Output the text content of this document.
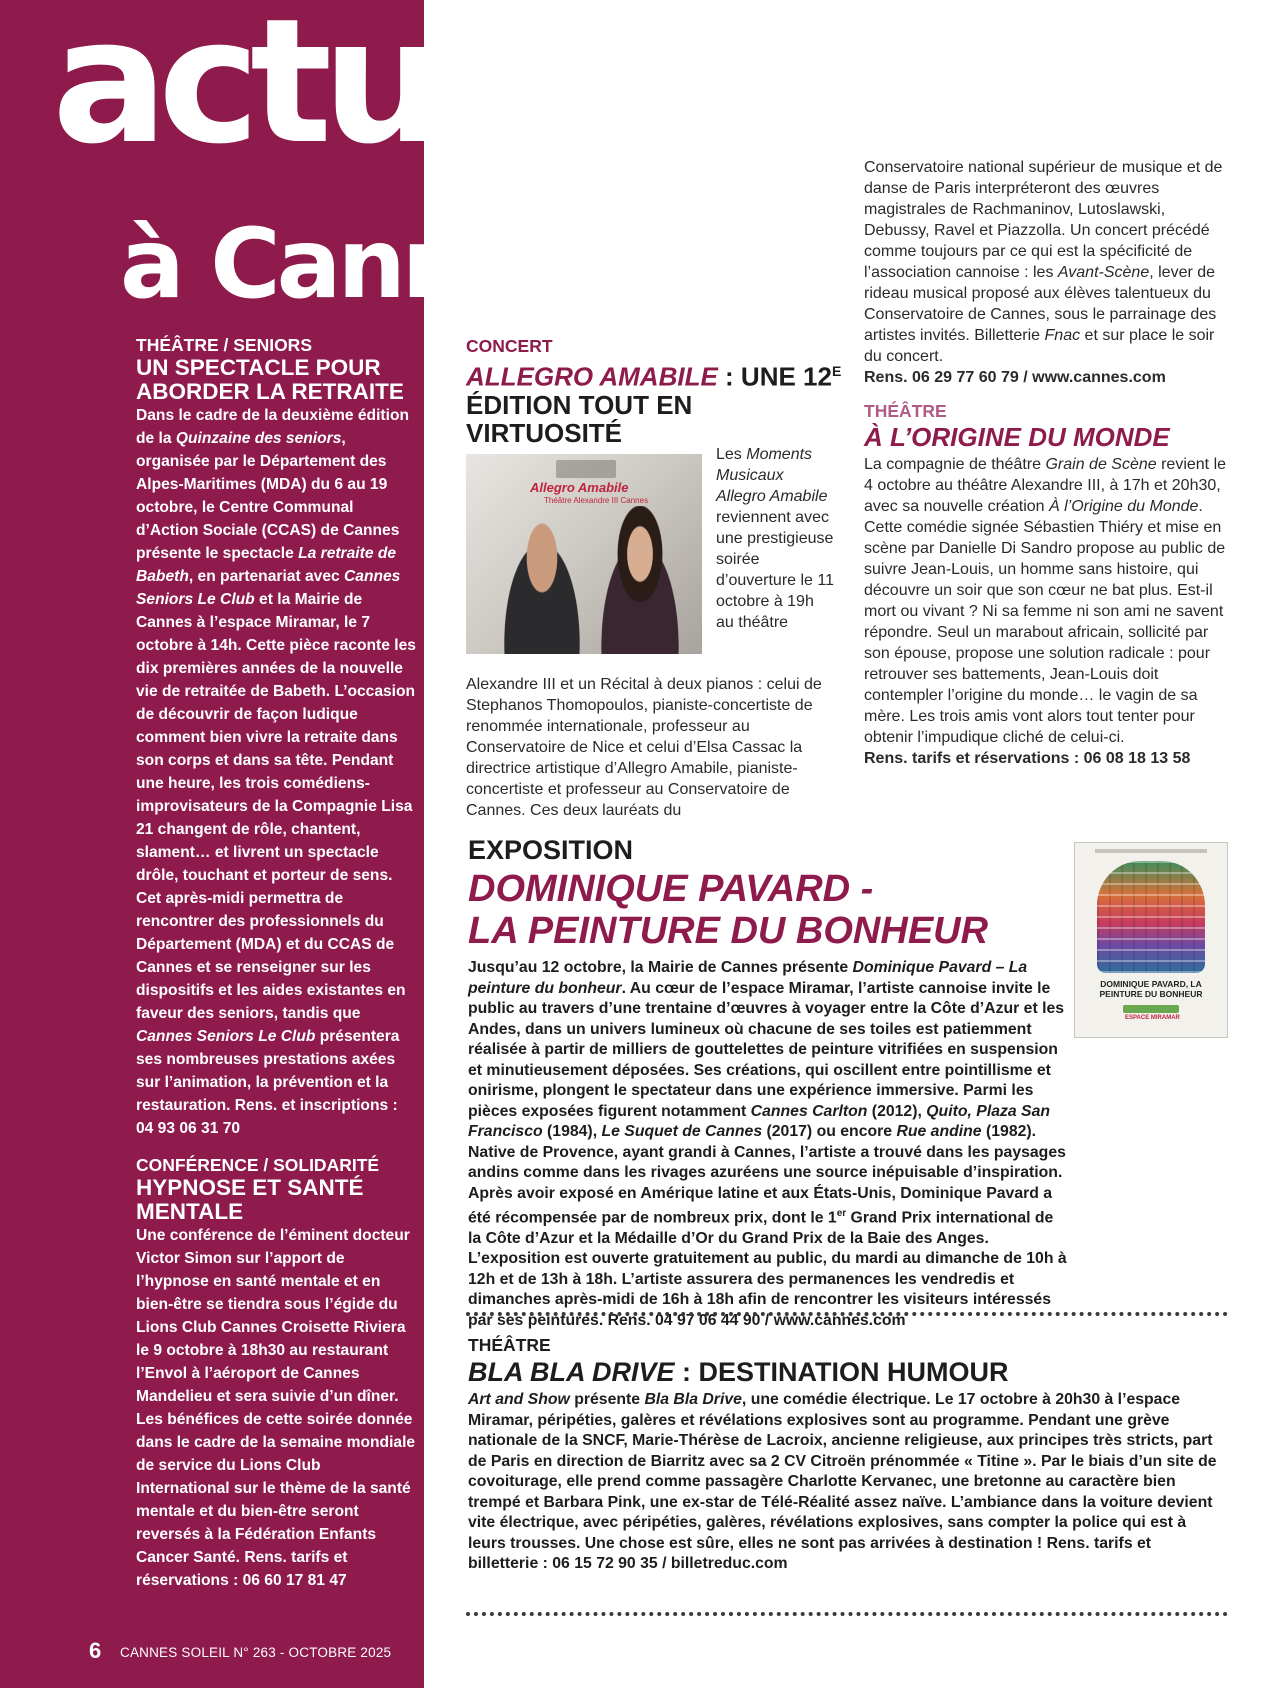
actus
à Cannes

THÉÂTRE / SENIORS

UN SPECTACLE POUR ABORDER LA RETRAITE

Dans le cadre de la deuxième édition de la Quinzaine des seniors, organisée par le Département des Alpes-Maritimes (MDA) du 6 au 19 octobre, le Centre Communal d’Action Sociale (CCAS) de Cannes présente le spectacle La retraite de Babeth, en partenariat avec Cannes Seniors Le Club et la Mairie de Cannes à l’espace Miramar, le 7 octobre à 14h. Cette pièce raconte les dix premières années de la nouvelle vie de retraitée de Babeth. L’occasion de découvrir de façon ludique comment bien vivre la retraite dans son corps et dans sa tête. Pendant une heure, les trois comédiens-improvisateurs de la Compagnie Lisa 21 changent de rôle, chantent, slament… et livrent un spectacle drôle, touchant et porteur de sens. Cet après-midi permettra de rencontrer des professionnels du Département (MDA) et du CCAS de Cannes et se renseigner sur les dispositifs et les aides existantes en faveur des seniors, tandis que Cannes Seniors Le Club présentera ses nombreuses prestations axées sur l’animation, la prévention et la restauration. Rens. et inscriptions : 04 93 06 31 70

CONFÉRENCE / SOLIDARITÉ

HYPNOSE ET SANTÉ MENTALE

Une conférence de l’éminent docteur Victor Simon sur l’apport de l’hypnose en santé mentale et en bien-être se tiendra sous l’égide du Lions Club Cannes Croisette Riviera le 9 octobre à 18h30 au restaurant l’Envol à l’aéroport de Cannes Mandelieu et sera suivie d’un dîner. Les bénéfices de cette soirée donnée dans le cadre de la semaine mondiale de service du Lions Club International sur le thème de la santé mentale et du bien-être seront reversés à la Fédération Enfants Cancer Santé. Rens. tarifs et réservations : 06 60 17 81 47

CONCERT

ALLEGRO AMABILE : UNE $12^E$ ÉDITION TOUT EN VIRTUOSITÉ
Allegro Amabile
Théâtre Alexandre III Cannes

Les Moments Musicaux Allegro Amabile reviennent avec une prestigieuse soirée d’ouverture le 11 octobre à 19h au théâtre

Alexandre III et un Récital à deux pianos : celui de Stephanos Thomopoulos, pianiste-concertiste de renommée internationale, professeur au Conservatoire de Nice et celui d’Elsa Cassac la directrice artistique d’Allegro Amabile, pianiste-concertiste et professeur au Conservatoire de Cannes. Ces deux lauréats du

Conservatoire national supérieur de musique et de danse de Paris interpréteront des œuvres magistrales de Rachmaninov, Lutoslawski, Debussy, Ravel et Piazzolla. Un concert précédé comme toujours par ce qui est la spécificité de l’association cannoise : les Avant-Scène, lever de rideau musical proposé aux élèves talentueux du Conservatoire de Cannes, sous le parrainage des artistes invités. Billetterie Fnac et sur place le soir du concert.
Rens. 06 29 77 60 79 / www.cannes.com

THÉÂTRE

À L’ORIGINE DU MONDE

La compagnie de théâtre Grain de Scène revient le 4 octobre au théâtre Alexandre III, à 17h et 20h30, avec sa nouvelle création À l’Origine du Monde. Cette comédie signée Sébastien Thiéry et mise en scène par Danielle Di Sandro propose au public de suivre Jean-Louis, un homme sans histoire, qui découvre un soir que son cœur ne bat plus. Est-il mort ou vivant ? Ni sa femme ni son ami ne savent répondre. Seul un marabout africain, sollicité par son épouse, propose une solution radicale : pour retrouver ses battements, Jean-Louis doit contempler l’origine du monde… le vagin de sa mère. Les trois amis vont alors tout tenter pour obtenir l’impudique cliché de celui-ci.
Rens. tarifs et réservations : 06 08 18 13 58

EXPOSITION

DOMINIQUE PAVARD -
LA PEINTURE DU BONHEUR
DOMINIQUE PAVARD, LA PEINTURE DU BONHEUR
ESPACE MIRAMAR

Jusqu’au 12 octobre, la Mairie de Cannes présente Dominique Pavard – La peinture du bonheur. Au cœur de l’espace Miramar, l’artiste cannoise invite le public au travers d’une trentaine d’œuvres à voyager entre la Côte d’Azur et les Andes, dans un univers lumineux où chacune de ses toiles est patiemment réalisée à partir de milliers de gouttelettes de peinture vitrifiées en suspension et minutieusement déposées. Ses créations, qui oscillent entre pointillisme et onirisme, plongent le spectateur dans une expérience immersive. Parmi les pièces exposées figurent notamment Cannes Carlton (2012), Quito, Plaza San Francisco (1984), Le Suquet de Cannes (2017) ou encore Rue andine (1982). Native de Provence, ayant grandi à Cannes, l’artiste a trouvé dans les paysages andins comme dans les rivages azuréens une source inépuisable d’inspiration. Après avoir exposé en Amérique latine et aux États-Unis, Dominique Pavard a été récompensée par de nombreux prix, dont le 1er Grand Prix international de la Côte d’Azur et la Médaille d’Or du Grand Prix de la Baie des Anges. L’exposition est ouverte gratuitement au public, du mardi au dimanche de 10h à 12h et de 13h à 18h. L’artiste assurera des permanences les vendredis et dimanches après-midi de 16h à 18h afin de rencontrer les visiteurs intéressés par ses peintures. Rens. 04 97 06 44 90 / www.cannes.com

THÉÂTRE

BLA BLA DRIVE : DESTINATION HUMOUR

Art and Show présente Bla Bla Drive, une comédie électrique. Le 17 octobre à 20h30 à l’espace Miramar, péripéties, galères et révélations explosives sont au programme. Pendant une grève nationale de la SNCF, Marie-Thérèse de Lacroix, ancienne religieuse, aux principes très stricts, part de Paris en direction de Biarritz avec sa 2 CV Citroën prénommée « Titine ». Par le biais d’un site de covoiturage, elle prend comme passagère Charlotte Kervanec, une bretonne au caractère bien trempé et Barbara Pink, une ex-star de Télé-Réalité assez naïve. L’ambiance dans la voiture devient vite électrique, avec péripéties, galères, révélations explosives, sans compter la police qui est à leurs trousses. Une chose est sûre, elles ne sont pas arrivées à destination ! Rens. tarifs et billetterie : 06 15 72 90 35 / billetreduc.com

6 CANNES SOLEIL N° 263 - OCTOBRE 2025
